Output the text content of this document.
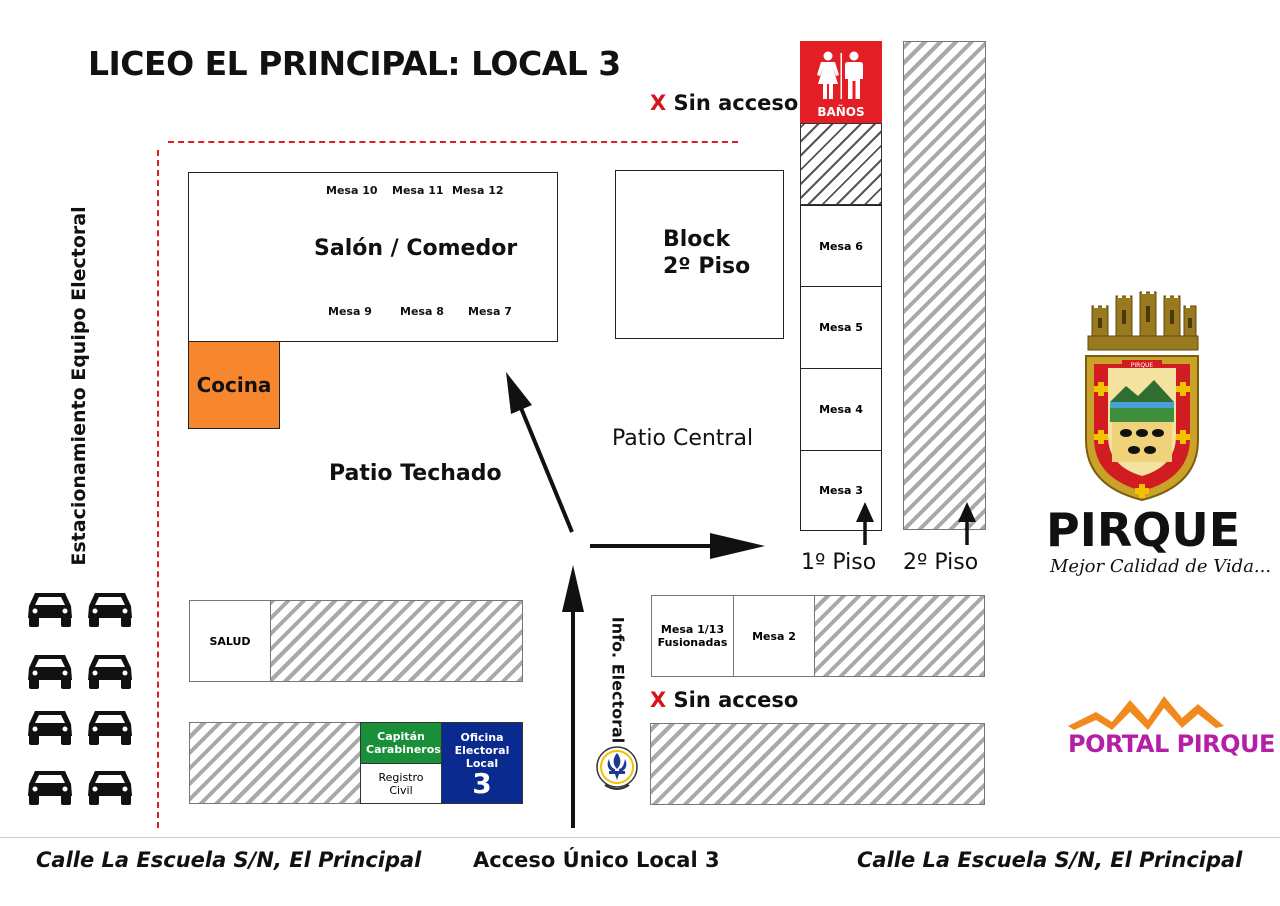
LICEO EL PRINCIPAL: LOCAL 3
Estacionamiento Equipo Electoral
Mesa 10 Mesa 11 Mesa 12
Salón / Comedor
Mesa 9	Mesa 8 Mesa 7
Cocina
Block
2º Piso
BAÑOS
Mesa 6
Mesa 5
Mesa 4
Mesa 3
X Sin acceso
Patio Central
Patio Techado
1º Piso 2º Piso
SALUD
Capitán Carabineros
Registro Civil
Oficina
Electoral
Local
3
Info. Electoral	Mesa 1/13
Fusionadas Mesa 2
X Sin acceso
Calle La Escuela S/N, El Principal Acceso Único Local 3	Calle La Escuela S/N, El Principal
PIRQUE
PIRQUE
Mejor Calidad de Vida...
PORTAL PIRQUE
